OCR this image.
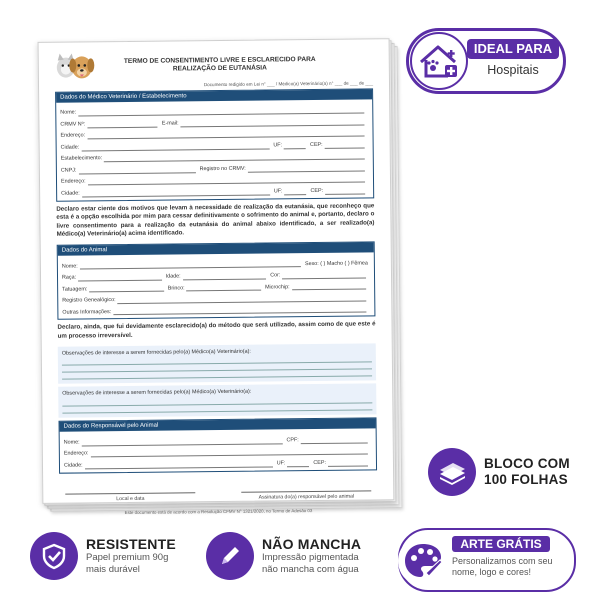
TERMO DE CONSENTIMENTO LIVRE E ESCLARECIDO PARA
REALIZAÇÃO DE EUTANÁSIA
Documento redigido em Lei n° ___ / Médico(a) Veterinário(a) n° ___ de ___ de ___
Dados do Médico Veterinário / Estabelecimento
Nome:
CRMV Nº:	E-mail:
Endereço:
Cidade:	UF:	CEP:
Estabelecimento:
CNPJ:	Registro no CRMV:
Endereço:
Cidade:	UF:	CEP:
Declaro estar ciente dos motivos que levam à necessidade de realização da eutanásia, que reconheço que esta é a opção escolhida por mim para cessar definitivamente o sofrimento do animal e, portanto, declaro o livre consentimento para a realização da eutanásia do animal abaixo identificado, a ser realizado(a) Médico(a) Veterinário(a) acima identificado.
Dados do Animal
Nome:	Sexo: ( ) Macho ( ) Fêmea
Raça:	Idade:	Cor:
Tatuagem:	Brinco:	Microchip:
Registro Genealógico:
Outras Informações:
Declaro, ainda, que fui devidamente esclarecido(a) do método que será utilizado, assim como de que este é um processo irreversível.
Observações de interesse a serem fornecidas pelo(a) Médico(a) Veterinário(a):
Observações de interesse a serem fornecidas pelo(a) Médico(a) Veterinário(a):
Dados do Responsável pelo Animal
Nome:	CPF:
Endereço:
Cidade:	UF:	CEP:
Local e data	Assinatura do(a) responsável pelo animal
Este documento está de acordo com a Resolução CFMV N° 1321/2020, no Termo de Adesão 03
IDEAL PARA
Hospitais
BLOCO COM
100 FOLHAS
RESISTENTE
Papel premium 90g
mais durável
NÃO MANCHA
Impressão pigmentada
não mancha com água
ARTE GRÁTIS
Personalizamos com seu nome, logo e cores!
